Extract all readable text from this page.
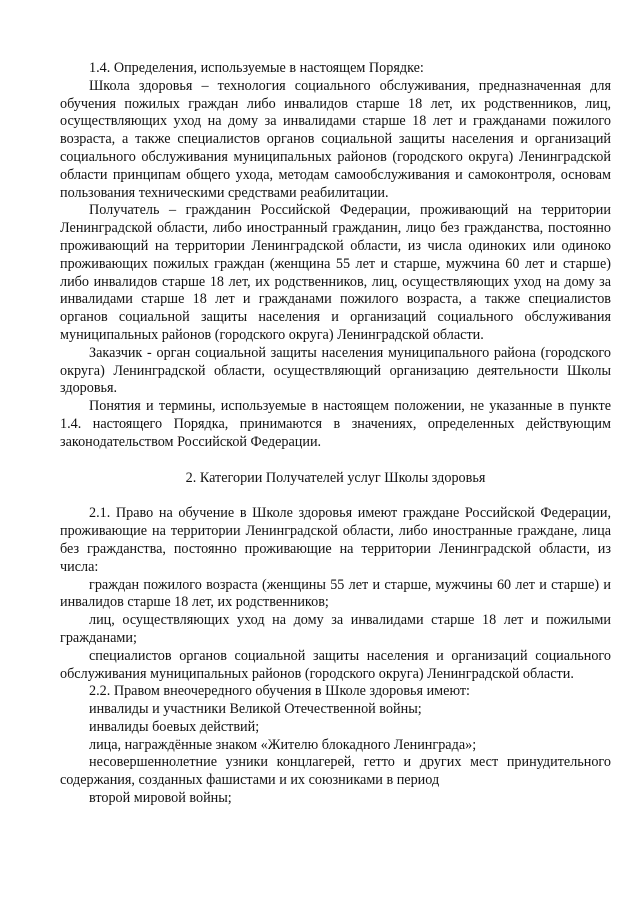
1.4. Определения, используемые в настоящем Порядке:

Школа здоровья – технология социального обслуживания, предназначенная для обучения пожилых граждан либо инвалидов старше 18 лет, их родственников, лиц, осуществляющих уход на дому за инвалидами старше 18 лет и гражданами пожилого возраста, а также специалистов органов социальной защиты населения и организаций социального обслуживания муниципальных районов (городского округа) Ленинградской области принципам общего ухода, методам самообслуживания и самоконтроля, основам пользования техническими средствами реабилитации.

Получатель – гражданин Российской Федерации, проживающий на территории Ленинградской области, либо иностранный гражданин, лицо без гражданства, постоянно проживающий на территории Ленинградской области, из числа одиноких или одиноко проживающих пожилых граждан (женщина 55 лет и старше, мужчина 60 лет и старше) либо инвалидов старше 18 лет, их родственников, лиц, осуществляющих уход на дому за инвалидами старше 18 лет и гражданами пожилого возраста, а также специалистов органов социальной защиты населения и организаций социального обслуживания муниципальных районов (городского округа) Ленинградской области.

Заказчик - орган социальной защиты населения муниципального района (городского округа) Ленинградской области, осуществляющий организацию деятельности Школы здоровья.

Понятия и термины, используемые в настоящем положении, не указанные в пункте 1.4. настоящего Порядка, принимаются в значениях, определенных действующим законодательством Российской Федерации.

2. Категории Получателей услуг Школы здоровья

2.1. Право на обучение в Школе здоровья имеют граждане Российской Федерации, проживающие на территории Ленинградской области, либо иностранные граждане, лица без гражданства, постоянно проживающие на территории Ленинградской области, из числа:

граждан пожилого возраста (женщины 55 лет и старше, мужчины 60 лет и старше) и инвалидов старше 18 лет, их родственников;

лиц, осуществляющих уход на дому за инвалидами старше 18 лет и пожилыми гражданами;

специалистов органов социальной защиты населения и организаций социального обслуживания муниципальных районов (городского округа) Ленинградской области.

2.2. Правом внеочередного обучения в Школе здоровья имеют:

инвалиды и участники Великой Отечественной войны;

инвалиды боевых действий;

лица, награждённые знаком «Жителю блокадного Ленинграда»;

несовершеннолетние узники концлагерей, гетто и других мест принудительного содержания, созданных фашистами и их союзниками в период

второй мировой войны;
